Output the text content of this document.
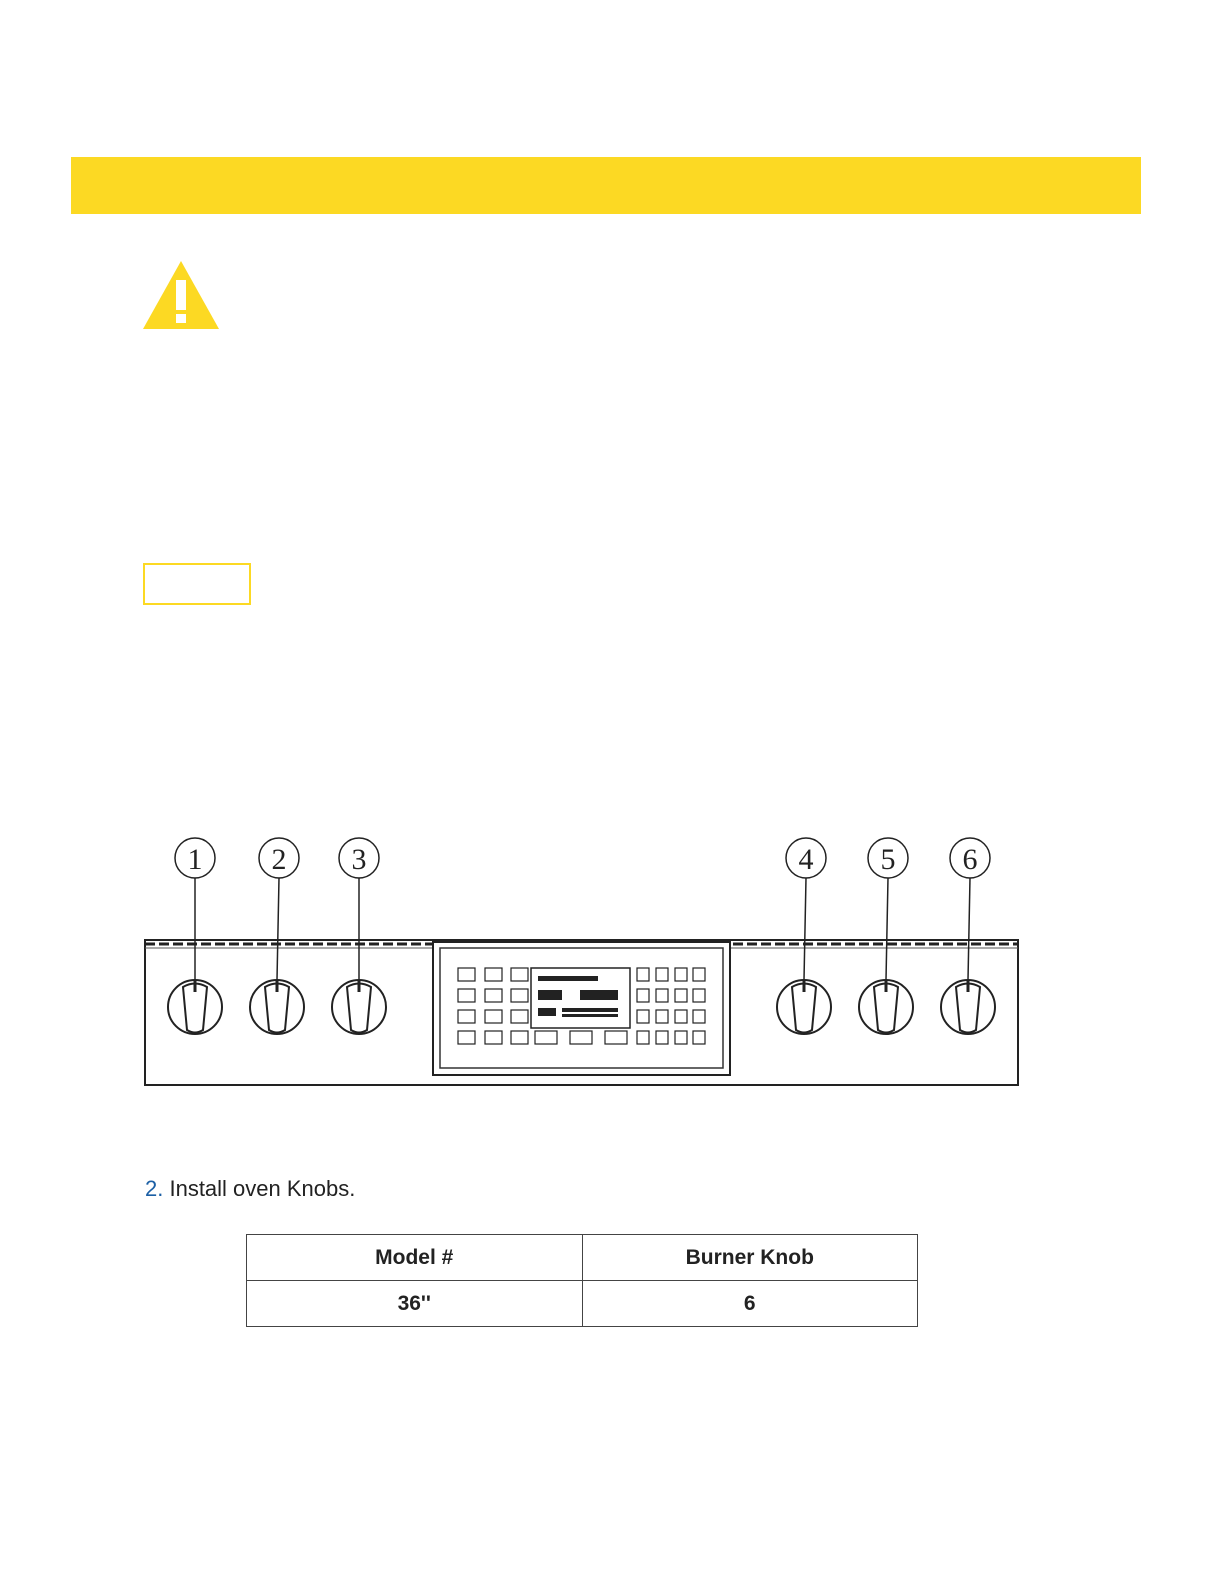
1 2 3	4 5 6
2. Install oven Knobs.
Model #	Burner Knob
36''	6
